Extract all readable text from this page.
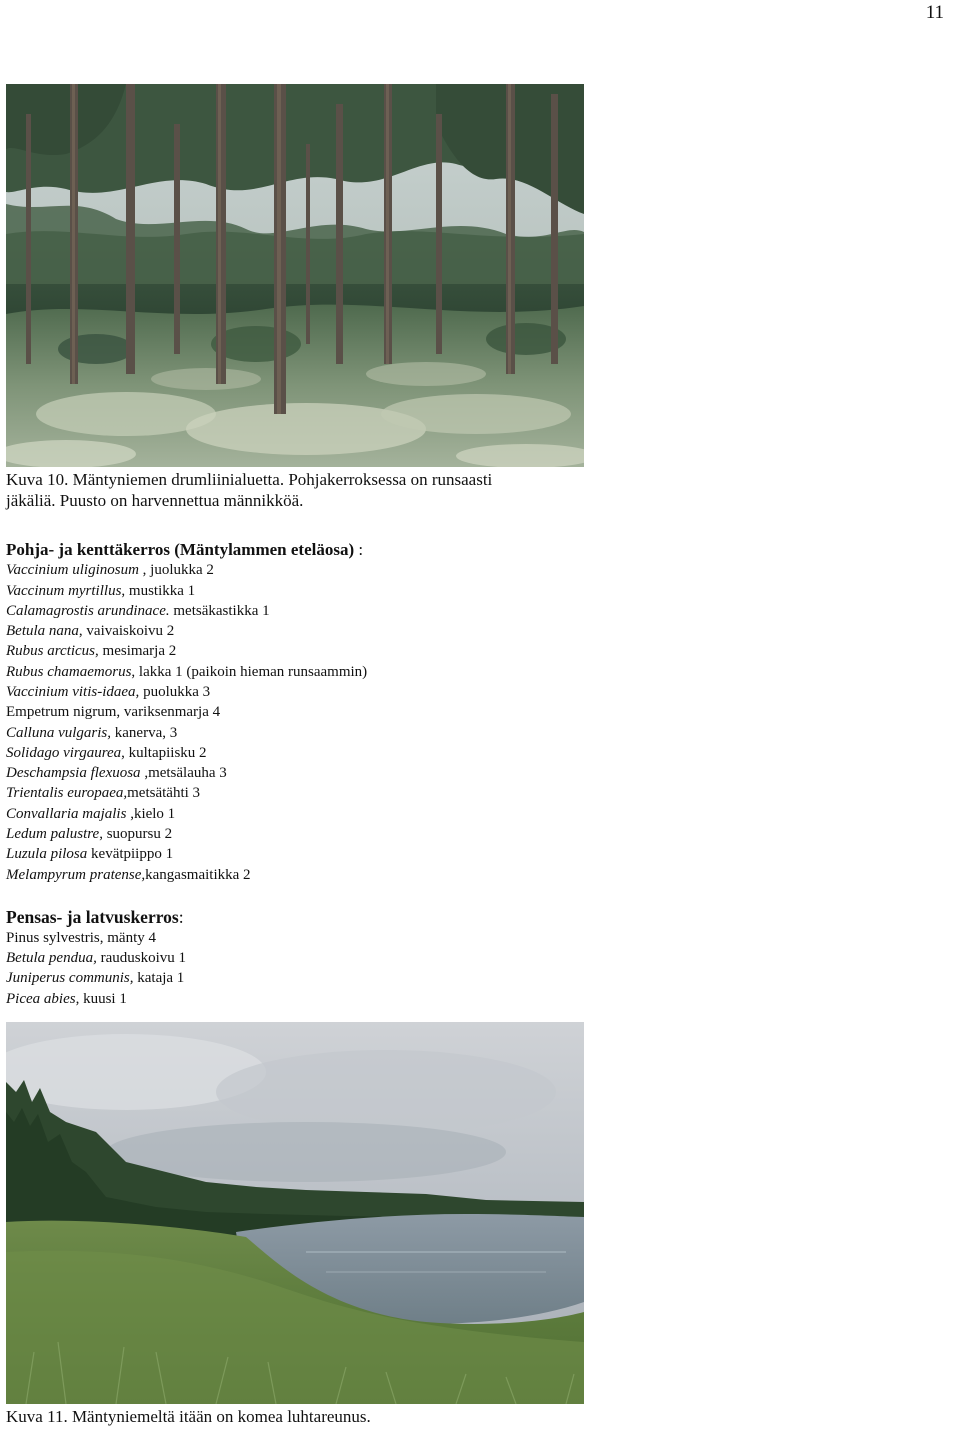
11
Kuva 10. Mäntyniemen drumliinialuetta. Pohjakerroksessa on runsaasti
jäkäliä. Puusto on harvennettua männikköä.

Pohja- ja kenttäkerros (Mäntylammen eteläosa) :

Vaccinium uliginosum , juolukka 2
Vaccinum myrtillus, mustikka 1
Calamagrostis arundinace. metsäkastikka 1
Betula nana, vaivaiskoivu 2
Rubus arcticus, mesimarja 2
Rubus chamaemorus, lakka 1 (paikoin hieman runsaammin)
Vaccinium vitis-idaea, puolukka 3
Empetrum nigrum, variksenmarja 4
Calluna vulgaris, kanerva, 3
Solidago virgaurea, kultapiisku 2
Deschampsia flexuosa ,metsälauha 3
Trientalis europaea,metsätähti 3
Convallaria majalis ,kielo 1
Ledum palustre, suopursu 2
Luzula pilosa kevätpiippo 1
Melampyrum pratense,kangasmaitikka 2

Pensas- ja latvuskerros:

Pinus sylvestris, mänty 4
Betula pendua, rauduskoivu 1
Juniperus communis, kataja 1
Picea abies, kuusi 1
Kuva 11. Mäntyniemeltä itään on komea luhtareunus.
